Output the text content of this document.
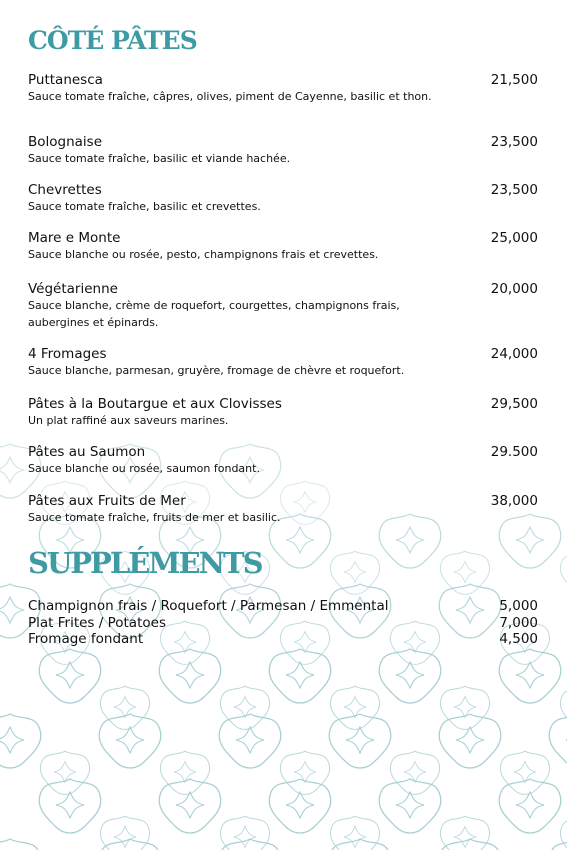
CÔTÉ PÂTES
Puttanesca
Sauce tomate fraîche, câpres, olives, piment de Cayenne, basilic et thon.
21,500
Bolognaise
Sauce tomate fraîche, basilic et viande hachée.
23,500
Chevrettes
Sauce tomate fraîche, basilic et crevettes.
23,500
Mare e Monte
Sauce blanche ou rosée, pesto, champignons frais et crevettes.
25,000
Végétarienne
Sauce blanche, crème de roquefort, courgettes, champignons frais, aubergines et épinards.
20,000
4 Fromages
Sauce blanche, parmesan, gruyère, fromage de chèvre et roquefort.
24,000
Pâtes à la Boutargue et aux Clovisses
Un plat raffiné aux saveurs marines.
29,500
Pâtes au Saumon
Sauce blanche ou rosée, saumon fondant.
29.500
Pâtes aux Fruits de Mer
Sauce tomate fraîche, fruits de mer et basilic.
38,000
SUPPLÉMENTS
Champignon frais / Roquefort / Parmesan / Emmental	5,000
Plat Frites / Potatoes	7,000
Fromage fondant	4,500
